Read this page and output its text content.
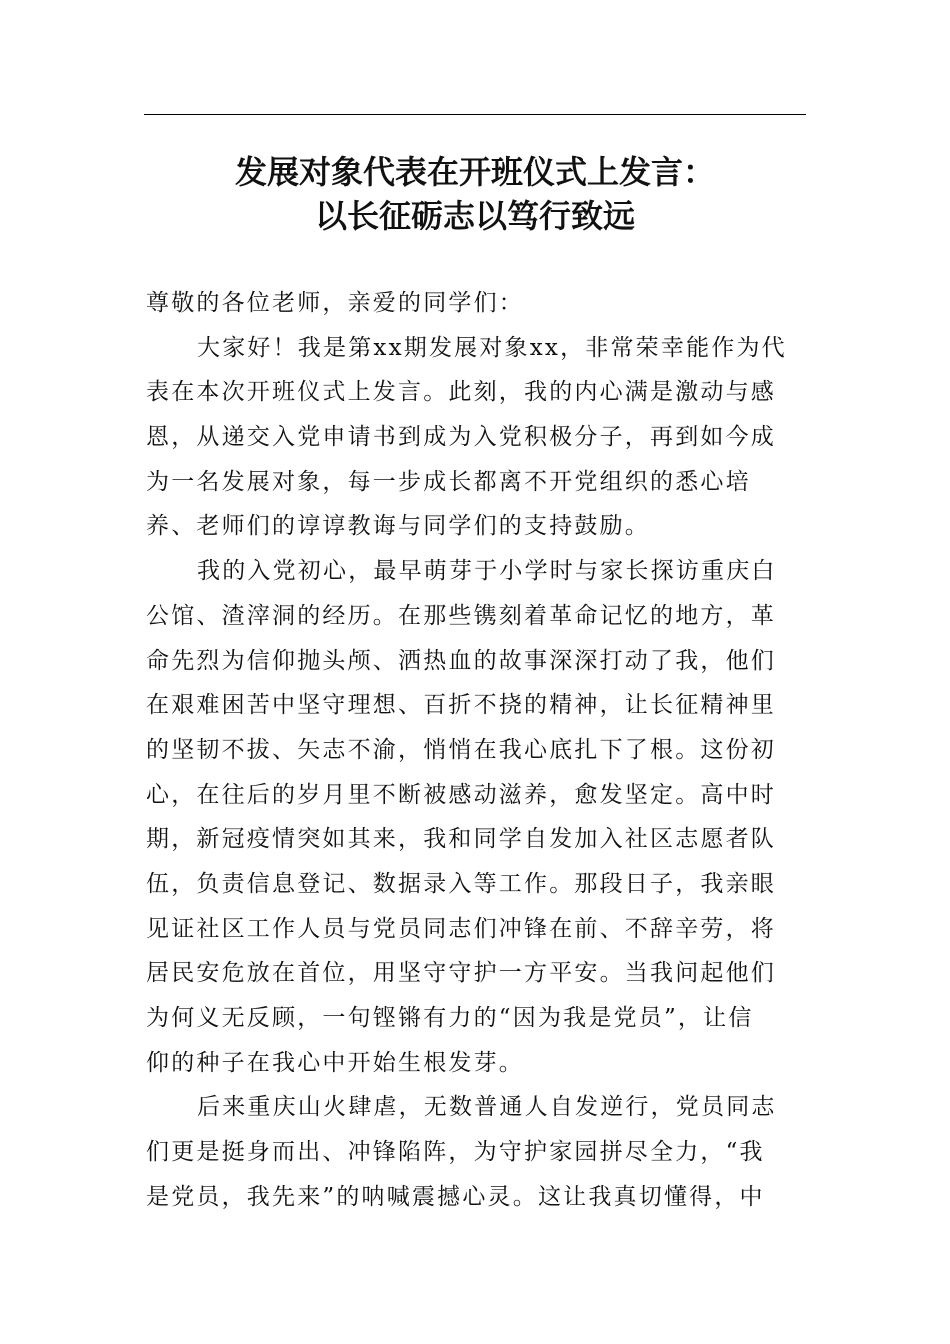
发展对象代表在开班仪式上发言：
以长征砺志以笃行致远
尊敬的各位老师，亲爱的同学们：
大家好！我是第xx期发展对象xx，非常荣幸能作为代
表在本次开班仪式上发言。此刻，我的内心满是激动与感
恩，从递交入党申请书到成为入党积极分子，再到如今成
为一名发展对象，每一步成长都离不开党组织的悉心培
养、老师们的谆谆教诲与同学们的支持鼓励。
我的入党初心，最早萌芽于小学时与家长探访重庆白
公馆、渣滓洞的经历。在那些镌刻着革命记忆的地方，革
命先烈为信仰抛头颅、洒热血的故事深深打动了我，他们
在艰难困苦中坚守理想、百折不挠的精神，让长征精神里
的坚韧不拔、矢志不渝，悄悄在我心底扎下了根。这份初
心，在往后的岁月里不断被感动滋养，愈发坚定。高中时
期，新冠疫情突如其来，我和同学自发加入社区志愿者队
伍，负责信息登记、数据录入等工作。那段日子，我亲眼
见证社区工作人员与党员同志们冲锋在前、不辞辛劳，将
居民安危放在首位，用坚守守护一方平安。当我问起他们
为何义无反顾，一句铿锵有力的“因为我是党员”，让信
仰的种子在我心中开始生根发芽。
后来重庆山火肆虐，无数普通人自发逆行，党员同志
们更是挺身而出、冲锋陷阵，为守护家园拼尽全力，“我
是党员，我先来”的呐喊震撼心灵。这让我真切懂得，中
